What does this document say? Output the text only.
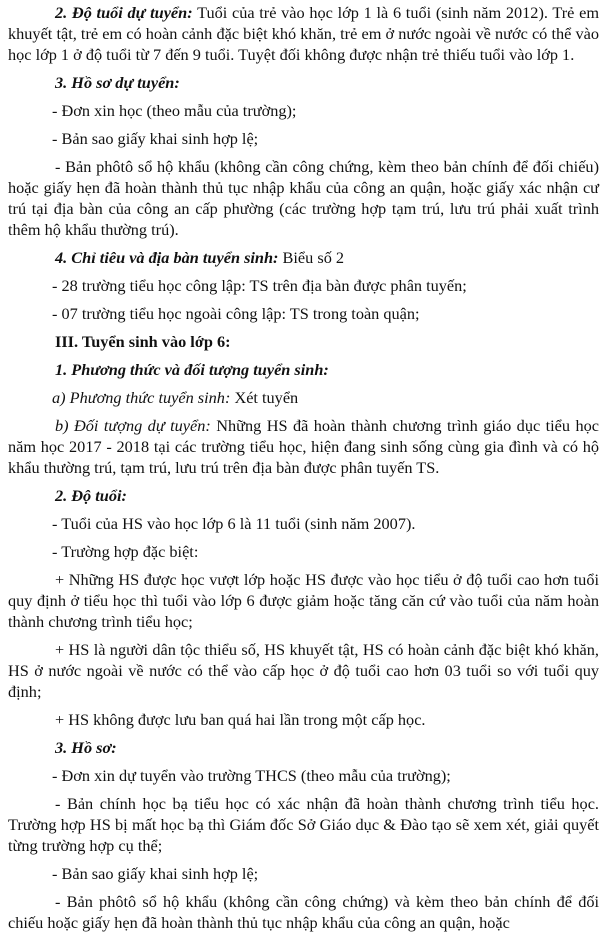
2. Độ tuổi dự tuyển: Tuổi của trẻ vào học lớp 1 là 6 tuổi (sinh năm 2012). Trẻ em khuyết tật, trẻ em có hoàn cảnh đặc biệt khó khăn, trẻ em ở nước ngoài về nước có thể vào học lớp 1 ở độ tuổi từ 7 đến 9 tuổi. Tuyệt đối không được nhận trẻ thiếu tuổi vào lớp 1.

3. Hồ sơ dự tuyển:

- Đơn xin học (theo mẫu của trường);

- Bản sao giấy khai sinh hợp lệ;

- Bản phôtô sổ hộ khẩu (không cần công chứng, kèm theo bản chính để đối chiếu) hoặc giấy hẹn đã hoàn thành thủ tục nhập khẩu của công an quận, hoặc giấy xác nhận cư trú tại địa bàn của công an cấp phường (các trường hợp tạm trú, lưu trú phải xuất trình thêm hộ khẩu thường trú).

4. Chỉ tiêu và địa bàn tuyển sinh: Biểu số 2

- 28 trường tiểu học công lập: TS trên địa bàn được phân tuyến;

- 07 trường tiểu học ngoài công lập: TS trong toàn quận;

III. Tuyển sinh vào lớp 6:

1. Phương thức và đối tượng tuyển sinh:

a) Phương thức tuyển sinh: Xét tuyển

b) Đối tượng dự tuyển: Những HS đã hoàn thành chương trình giáo dục tiểu học năm học 2017 - 2018 tại các trường tiểu học, hiện đang sinh sống cùng gia đình và có hộ khẩu thường trú, tạm trú, lưu trú trên địa bàn được phân tuyến TS.

2. Độ tuổi:

- Tuổi của HS vào học lớp 6 là 11 tuổi (sinh năm 2007).

- Trường hợp đặc biệt:

+ Những HS được học vượt lớp hoặc HS được vào học tiểu ở độ tuổi cao hơn tuổi quy định ở tiểu học thì tuổi vào lớp 6 được giảm hoặc tăng căn cứ vào tuổi của năm hoàn thành chương trình tiểu học;

+ HS là người dân tộc thiểu số, HS khuyết tật, HS có hoàn cảnh đặc biệt khó khăn, HS ở nước ngoài về nước có thể vào cấp học ở độ tuổi cao hơn 03 tuổi so với tuổi quy định;

+ HS không được lưu ban quá hai lần trong một cấp học.

3. Hồ sơ:

- Đơn xin dự tuyển vào trường THCS (theo mẫu của trường);

- Bản chính học bạ tiểu học có xác nhận đã hoàn thành chương trình tiểu học. Trường hợp HS bị mất học bạ thì Giám đốc Sở Giáo dục & Đào tạo sẽ xem xét, giải quyết từng trường hợp cụ thể;

- Bản sao giấy khai sinh hợp lệ;

- Bản phôtô sổ hộ khẩu (không cần công chứng) và kèm theo bản chính để đối chiếu hoặc giấy hẹn đã hoàn thành thủ tục nhập khẩu của công an quận, hoặc
